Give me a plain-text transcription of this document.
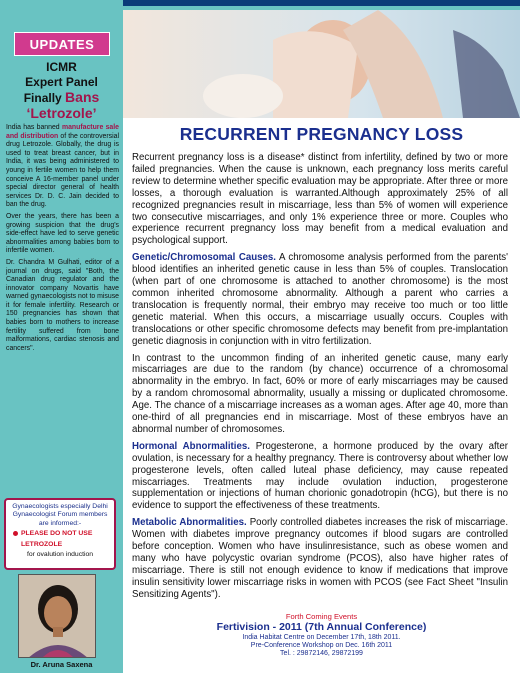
UPDATES
ICMR
Expert Panel
Finally Bans
‘Letrozole’

India has banned manufacture sale and distribution of the controversial drug Letrozole. Globally, the drug is used to treat breast cancer, but in India, it was being administered to young in fertile women to help them conceive A 16-member panel under special director general of health services Dr. D. C. Jain decided to ban the drug.

Over the years, there has been a growing suspicion that the drug's side-effect have led to serve genetic abnormalities among babies born to infertile women.

Dr. Chandra M Gulhati, editor of a journal on drugs, said "Both, the Canadian drug regulator and the innovator company Novartis have warned gynaecologists not to misuse it for female infertility. Research or 150 pregnancies has shown that babies born to mothers to increase fertility suffered from bone malformations, cardiac stenosis and cancers".

Gynaecologists especially Delhi Gynaecologist Forum members are informed:-
PLEASE DO NOT USE
LETROZOLE
for ovalution induction
Dr. Aruna Saxena
RECURRENT PREGNANCY LOSS

Recurrent pregnancy loss is a disease* distinct from infertility, defined by two or more failed pregnancies. When the cause is unknown, each pregnancy loss merits careful review to determine whether specific evaluation may be appropriate. After three or more losses, a thorough evaluation is warranted.Although approximately 25% of all recognized pregnancies result in miscarriage, less than 5% of women will experience two consecutive miscarriages, and only 1% experience three or more. Couples who experience recurrent pregnancy loss may benefit from a medical evaluation and psychological support.

Genetic/Chromosomal Causes. A chromosome analysis performed from the parents' blood identifies an inherited genetic cause in less than 5% of couples. Translocation (when part of one chromosome is attached to another chromosome) is the most common inherited chromosome abnormality. Although a parent who carries a translocation is frequently normal, their embryo may receive too much or too little genetic material. When this occurs, a miscarriage usually occurs. Couples with translocations or other specific chromosome defects may benefit from pre-implantation genetic diagnosis in conjunction with in vitro fertilization.

In contrast to the uncommon finding of an inherited genetic cause, many early miscarriages are due to the random (by chance) occurrence of a chromosomal abnormality in the embryo. In fact, 60% or more of early miscarriages may be caused by a random chromosomal abnormality, usually a missing or duplicated chromosome. Age. The chance of a miscarriage increases as a woman ages. After age 40, more than one-third of all pregnancies end in miscarriage. Most of these embryos have an abnormal number of chromosomes.

Hormonal Abnormalities. Progesterone, a hormone produced by the ovary after ovulation, is necessary for a healthy pregnancy. There is controversy about whether low progesterone levels, often called luteal phase deficiency, may cause repeated miscarriages. Treatments may include ovulation induction, progesterone supplementation or injections of human chorionic gonadotropin (hCG), but there is no evidence to support the effectiveness of these treatments.

Metabolic Abnormalities. Poorly controlled diabetes increases the risk of miscarriage. Women with diabetes improve pregnancy outcomes if blood sugars are controlled before conception. Women who have insulinresistance, such as obese women and many who have polycystic ovarian syndrome (PCOS), also have higher rates of miscarriage. There is still not enough evidence to know if medications that improve insulin sensitivity lower miscarriage risks in women with PCOS (see Fact Sheet "Insulin Sensitizing Agents").

Forth Coming Events
Fertivision - 2011 (7th Annual Conference)
India Habitat Centre on December 17th, 18th 2011.
Pre-Conference Workshop on Dec. 16th 2011
Tel. : 29872146, 29872199
